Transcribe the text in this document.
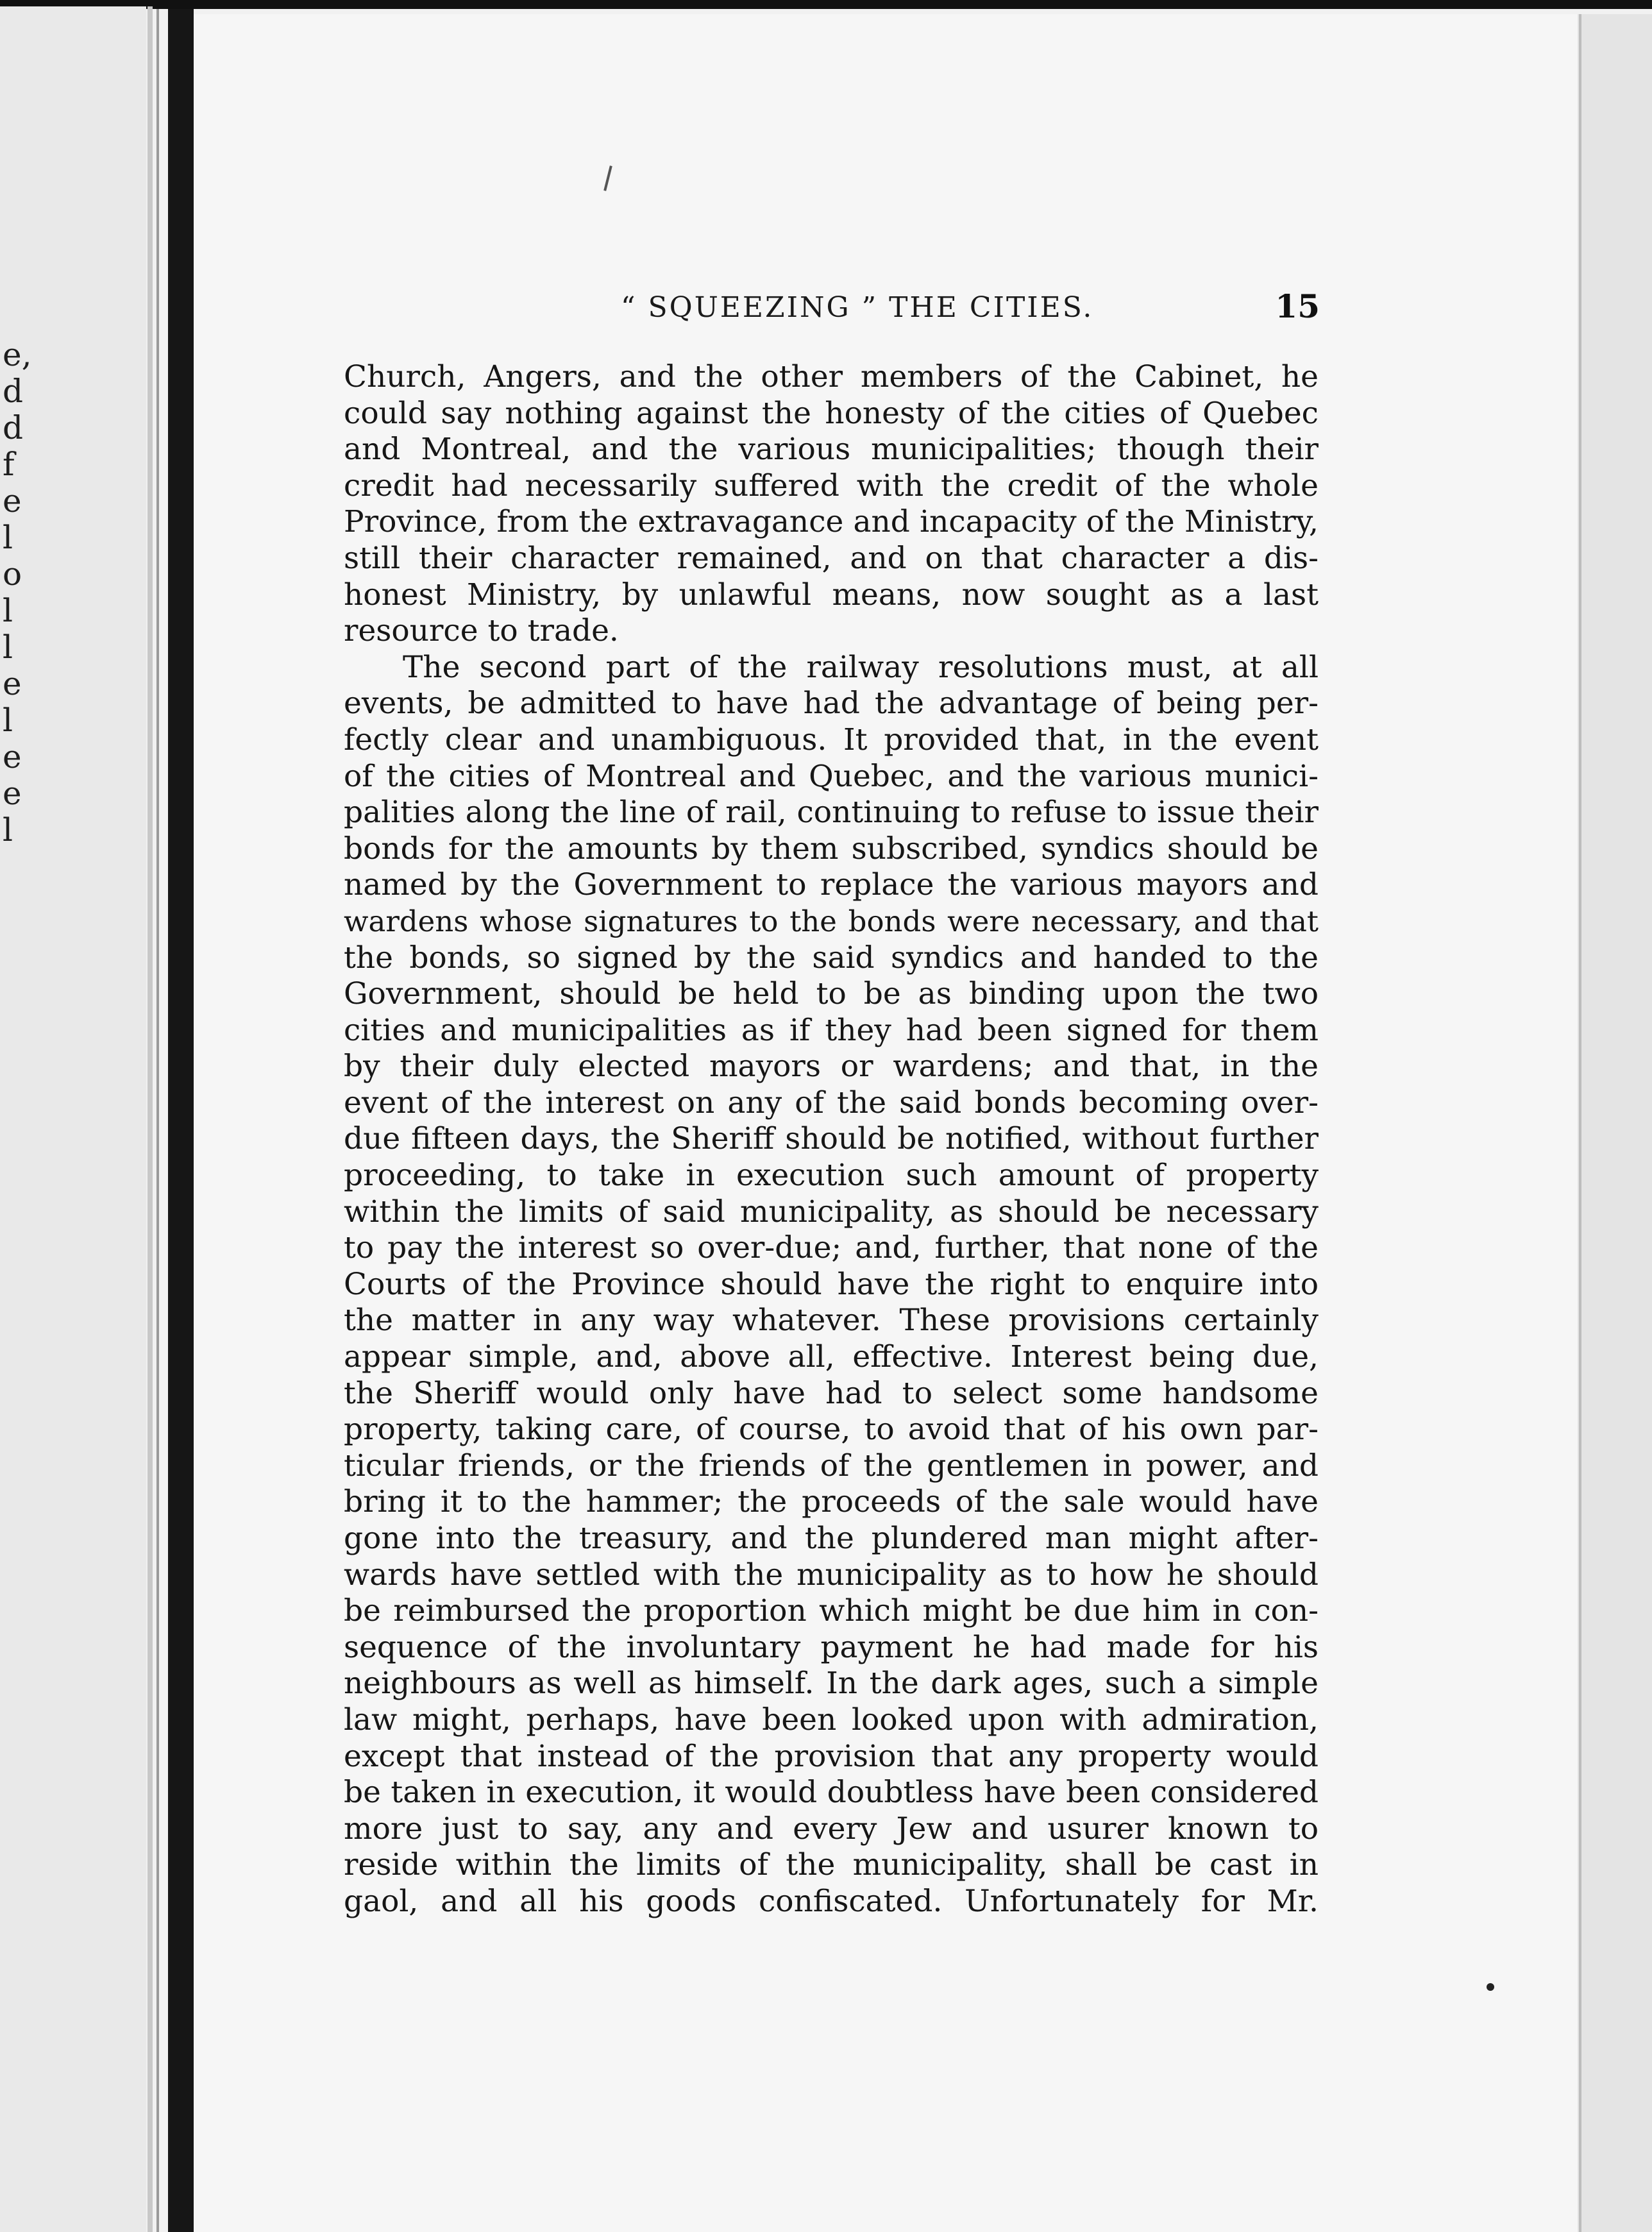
e,
d
d
f
e
l
o
l
l
e
l
e
e
l
“ SQUEEZING ” THE CITIES.	15

Church, Angers, and the other members of the Cabinet, he

could say nothing against the honesty of the cities of Quebec

and Montreal, and the various municipalities; though their

credit had necessarily suffered with the credit of the whole

Province, from the extravagance and incapacity of the Ministry,

still their character remained, and on that character a dis-

honest Ministry, by unlawful means, now sought as a last

resource to trade.

The second part of the railway resolutions must, at all

events, be admitted to have had the advantage of being per-

fectly clear and unambiguous. It provided that, in the event

of the cities of Montreal and Quebec, and the various munici-

palities along the line of rail, continuing to refuse to issue their

bonds for the amounts by them subscribed, syndics should be

named by the Government to replace the various mayors and

wardens whose signatures to the bonds were necessary, and that

the bonds, so signed by the said syndics and handed to the

Government, should be held to be as binding upon the two

cities and municipalities as if they had been signed for them

by their duly elected mayors or wardens; and that, in the

event of the interest on any of the said bonds becoming over-

due fifteen days, the Sheriff should be notified, without further

proceeding, to take in execution such amount of property

within the limits of said municipality, as should be necessary

to pay the interest so over-due; and, further, that none of the

Courts of the Province should have the right to enquire into

the matter in any way whatever. These provisions certainly

appear simple, and, above all, effective. Interest being due,

the Sheriff would only have had to select some handsome

property, taking care, of course, to avoid that of his own par-

ticular friends, or the friends of the gentlemen in power, and

bring it to the hammer; the proceeds of the sale would have

gone into the treasury, and the plundered man might after-

wards have settled with the municipality as to how he should

be reimbursed the proportion which might be due him in con-

sequence of the involuntary payment he had made for his

neighbours as well as himself. In the dark ages, such a simple

law might, perhaps, have been looked upon with admiration,

except that instead of the provision that any property would

be taken in execution, it would doubtless have been considered

more just to say, any and every Jew and usurer known to

reside within the limits of the municipality, shall be cast in

gaol, and all his goods confiscated. Unfortunately for Mr.
